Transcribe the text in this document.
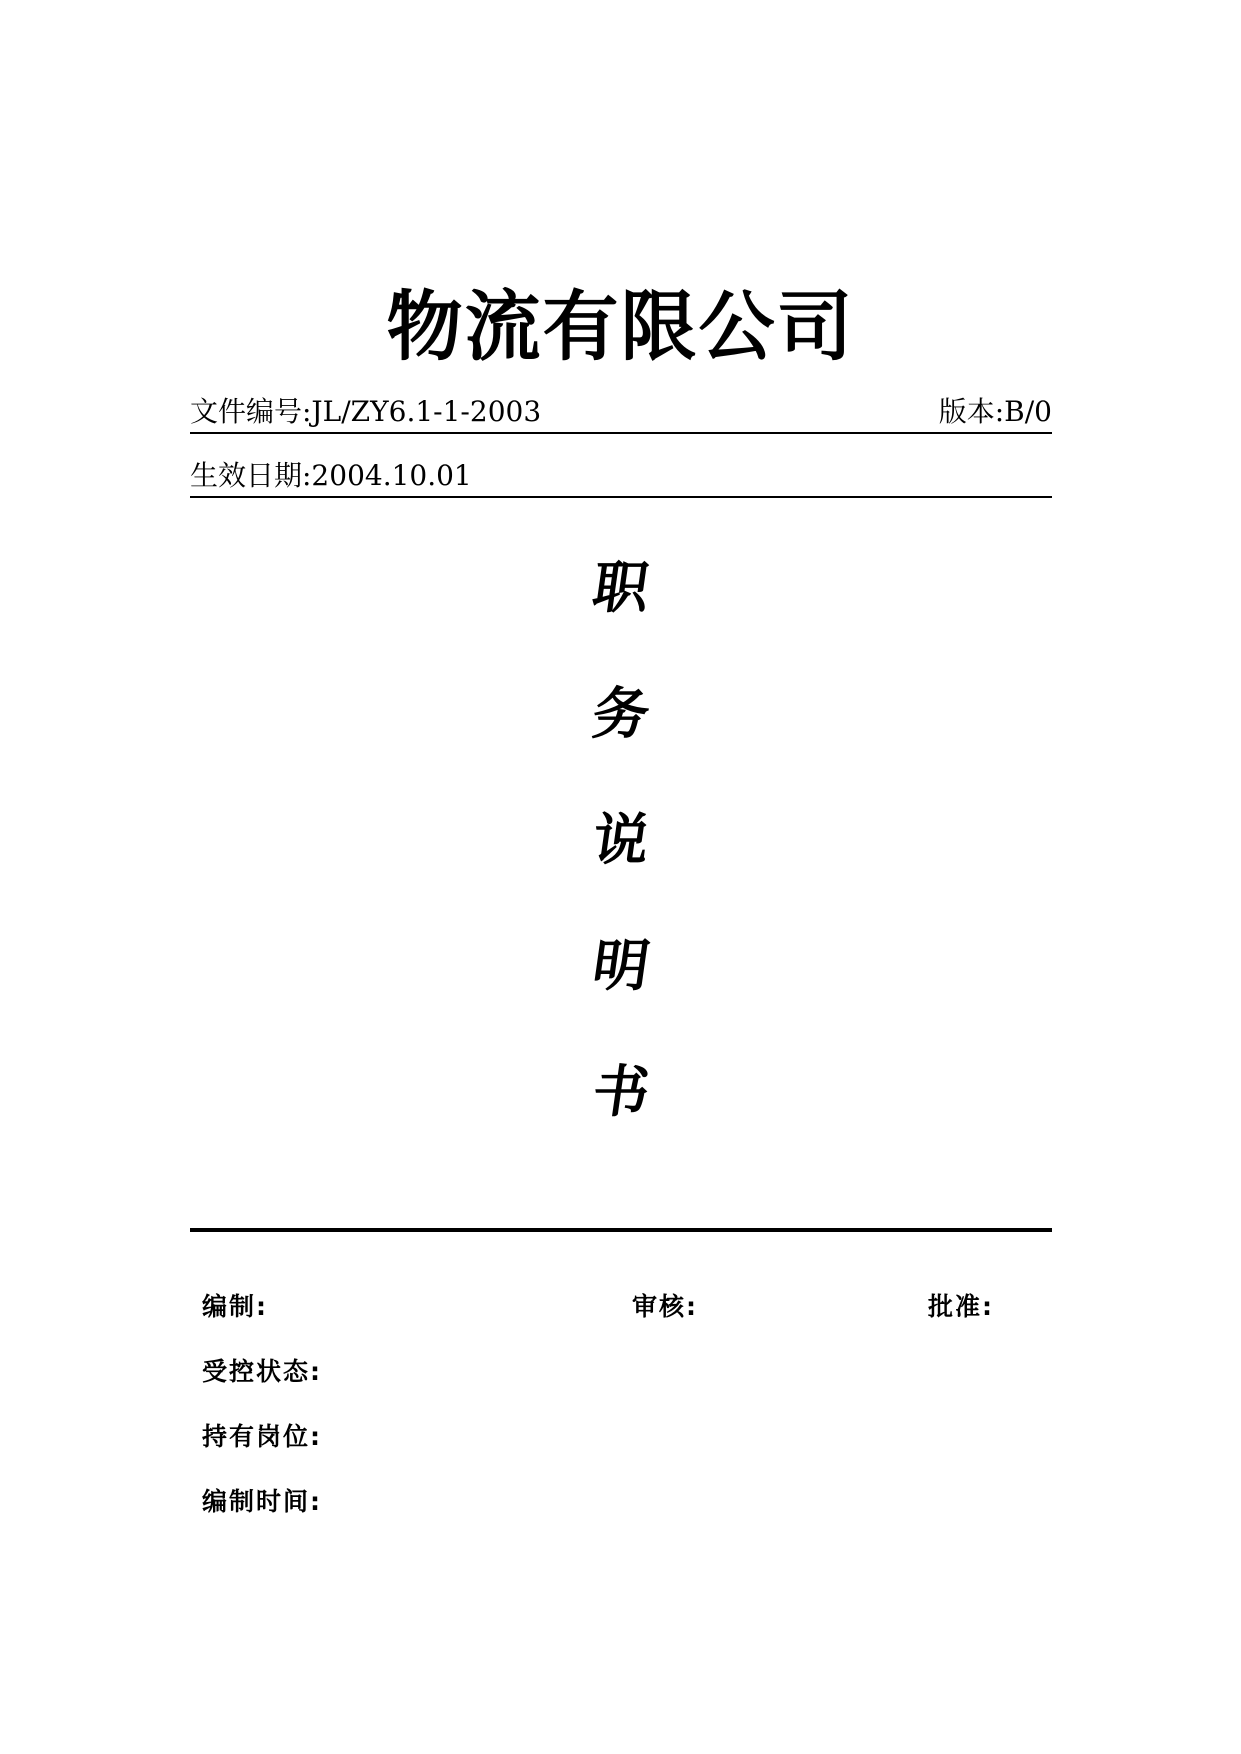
物流有限公司
文件编号:JL/ZY6.1-1-2003	版本:B/0
生效日期:2004.10.01
职
务
说
明
书
编制:	审核:	批准:
受控状态:
持有岗位:
编制时间:
